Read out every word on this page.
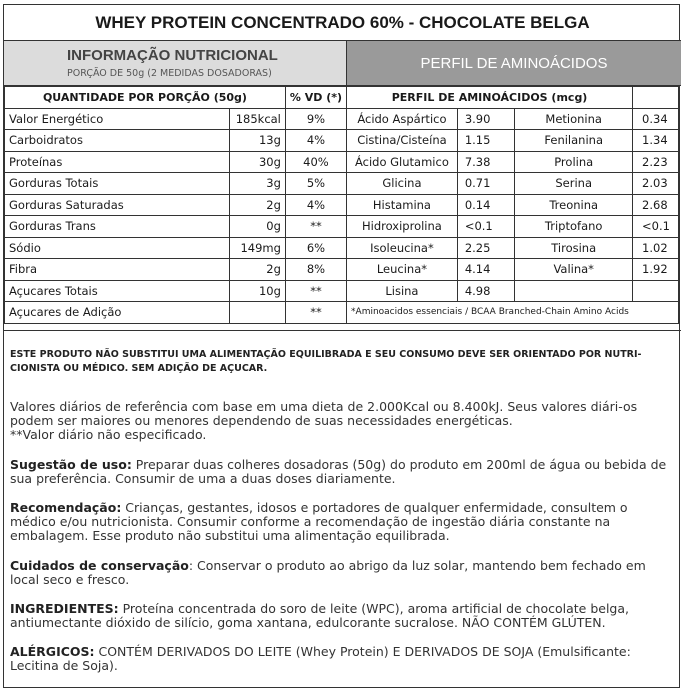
WHEY PROTEIN CONCENTRADO 60% - CHOCOLATE BELGA
INFORMAÇÃO NUTRICIONAL
PORÇÃO DE 50g (2 MEDIDAS DOSADORAS)
PERFIL DE AMINOÁCIDOS
QUANTIDADE POR PORÇÃO (50g)		% VD (*)	PERFIL DE AMINOÁCIDOS (mcg)			
Valor Energético	185kcal	9%	Ácido Aspártico	3.90	Metionina	0.34
Carboidratos	13g	4%	Cistina/Cisteína	1.15	Fenilanina	1.34
Proteínas	30g	40%	Ácido Glutamico	7.38	Prolina	2.23
Gorduras Totais	3g	5%	Glicina	0.71	Serina	2.03
Gorduras Saturadas	2g	4%	Histamina	0.14	Treonina	2.68
Gorduras Trans	0g	**	Hidroxiprolina	<0.1	Triptofano	<0.1
Sódio	149mg	6%	Isoleucina*	2.25	Tirosina	1.02
Fibra	2g	8%	Leucina*	4.14	Valina*	1.92
Açucares Totais	10g	**	Lisina	4.98		
Açucares de Adição		**	*Aminoacidos essenciais / BCAA Branched-Chain Amino Acids			
ESTE PRODUTO NÃO SUBSTITUI UMA ALIMENTAÇÃO EQUILIBRADA E SEU CONSUMO DEVE SER ORIENTADO POR NUTRI-CIONISTA OU MÉDICO. SEM ADIÇÃO DE AÇUCAR.
Valores diários de referência com base em uma dieta de 2.000Kcal ou 8.400kJ. Seus valores diári-os podem ser maiores ou menores dependendo de suas necessidades energéticas.
**Valor diário não especificado.
Sugestão de uso: Preparar duas colheres dosadoras (50g) do produto em 200ml de água ou bebida de sua preferência. Consumir de uma a duas doses diariamente.
Recomendação: Crianças, gestantes, idosos e portadores de qualquer enfermidade, consultem o médico e/ou nutricionista. Consumir conforme a recomendação de ingestão diária constante na embalagem. Esse produto não substitui uma alimentação equilibrada.
Cuidados de conservação: Conservar o produto ao abrigo da luz solar, mantendo bem fechado em local seco e fresco.
INGREDIENTES: Proteína concentrada do soro de leite (WPC), aroma artificial de chocolate belga, antiumectante dióxido de silício, goma xantana, edulcorante sucralose. NÃO CONTÉM GLÚTEN.
ALÉRGICOS: CONTÉM DERIVADOS DO LEITE (Whey Protein) E DERIVADOS DE SOJA (Emulsificante: Lecitina de Soja).
